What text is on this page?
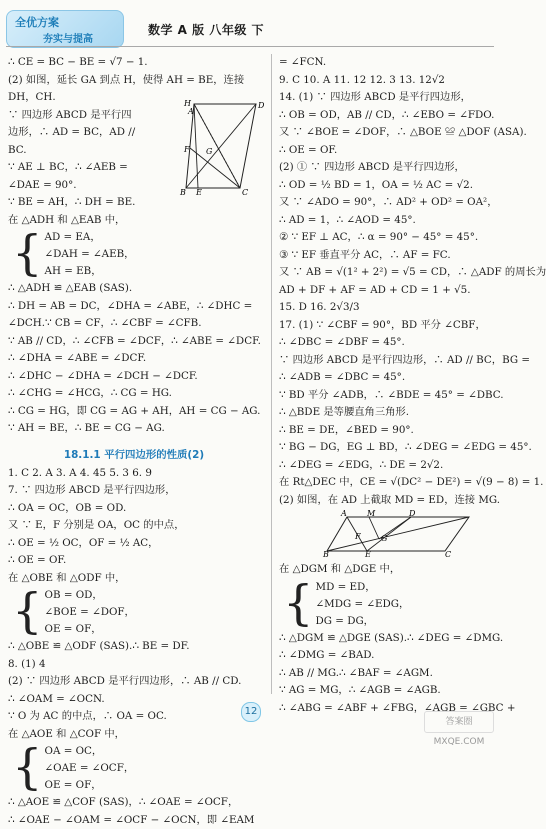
全优方案
夯实与提高
数学 A 版 八年级 下
∴ CE = BC − BE = √7 − 1.
(2) 如图，延长 GA 到点 H，使得 AH = BE，连接
DH，CH.
∵ 四边形 ABCD 是平行四
边形，∴ AD = BC，AD //
BC.
∵ AE ⊥ BC，∴ ∠AEB =
∠DAE = 90°.
∵ BE = AH，∴ DH = BE.
在 △ADH 和 △EAB 中，
H
A
D
G
F
B E	C
{ AD = EA，
∠DAH = ∠AEB，
AH = EB，
∴ △ADH ≌ △EAB (SAS).
∴ DH = AB = DC，∠DHA = ∠ABE，∴ ∠DHC =
∠DCH.∵ CB = CF，∴ ∠CBF = ∠CFB.
∵ AB // CD，∴ ∠CFB = ∠DCF，∴ ∠ABE = ∠DCF.
∴ ∠DHA = ∠ABE = ∠DCF.
∴ ∠DHC − ∠DHA = ∠DCH − ∠DCF.
∴ ∠CHG = ∠HCG，∴ CG = HG.
∴ CG = HG，即 CG = AG + AH，AH = CG − AG.
∵ AH = BE，∴ BE = CG − AG.
18.1.1 平行四边形的性质(2)
1. C 2. A 3. A 4. 45 5. 3 6. 9
7. ∵ 四边形 ABCD 是平行四边形，
∴ OA = OC，OB = OD.
又 ∵ E，F 分别是 OA，OC 的中点，
∴ OE = ½ OC，OF = ½ AC，
∴ OE = OF.
在 △OBE 和 △ODF 中，
{ OB = OD，
∠BOE = ∠DOF，
OE = OF，
∴ △OBE ≌ △ODF (SAS).∴ BE = DF.
8. (1) 4
(2) ∵ 四边形 ABCD 是平行四边形，∴ AB // CD.
∴ ∠OAM = ∠OCN.
∵ O 为 AC 的中点，∴ OA = OC.
在 △AOE 和 △COF 中，
{ OA = OC，
∠OAE = ∠OCF，
OE = OF，
∴ △AOE ≌ △COF (SAS)，∴ ∠OAE = ∠OCF，
∴ ∠OAE − ∠OAM = ∠OCF − ∠OCN，即 ∠EAM
= ∠FCN.
9. C 10. A 11. 12 12. 3 13. 12√2
14. (1) ∵ 四边形 ABCD 是平行四边形，
∴ OB = OD，AB // CD，∴ ∠EBO = ∠FDO.
又 ∵ ∠BOE = ∠DOF，∴ △BOE ≌ △DOF (ASA).
∴ OE = OF.
(2) ① ∵ 四边形 ABCD 是平行四边形，
∴ OD = ½ BD = 1，OA = ½ AC = √2.
又 ∵ ∠ADO = 90°，∴ AD² + OD² = OA²，
∴ AD = 1，∴ ∠AOD = 45°.
② ∵ EF ⊥ AC，∴ α = 90° − 45° = 45°.
③ ∵ EF 垂直平分 AC，∴ AF = FC.
又 ∵ AB = √(1² + 2²) = √5 = CD，∴ △ADF 的周长为
AD + DF + AF = AD + CD = 1 + √5.
15. D 16. 2√3/3
17. (1) ∵ ∠CBF = 90°，BD 平分 ∠CBF，
∴ ∠DBC = ∠DBF = 45°.
∵ 四边形 ABCD 是平行四边形，∴ AD // BC，BG =
∴ ∠ADB = ∠DBC = 45°.
∵ BD 平分 ∠ADB，∴ ∠BDE = 45° = ∠DBC.
∴ △BDE 是等腰直角三角形.
∴ BE = DE，∠BED = 90°.
∵ BG − DG，EG ⊥ BD，∴ ∠DEG = ∠EDG = 45°.
∴ ∠DEG = ∠EDG，∴ DE = 2√2.
在 Rt△DEC 中，CE = √(DC² − DE²) = √(9 − 8) = 1.
(2) 如图，在 AD 上截取 MD = ED，连接 MG.
A	M	D
F	G
B	E	C
在 △DGM 和 △DGE 中，
{ MD = ED，
∠MDG = ∠EDG，
DG = DG，
∴ △DGM ≌ △DGE (SAS).∴ ∠DEG = ∠DMG.
∴ ∠DMG = ∠BAD.
∴ AB // MG.∴ ∠BAF = ∠AGM.
∵ AG = MG，∴ ∠AGB = ∠AGB.
∴ ∠ABG = ∠ABF + ∠FBG，∠AGB = ∠GBC +
12
答案圈 MXQE.COM
